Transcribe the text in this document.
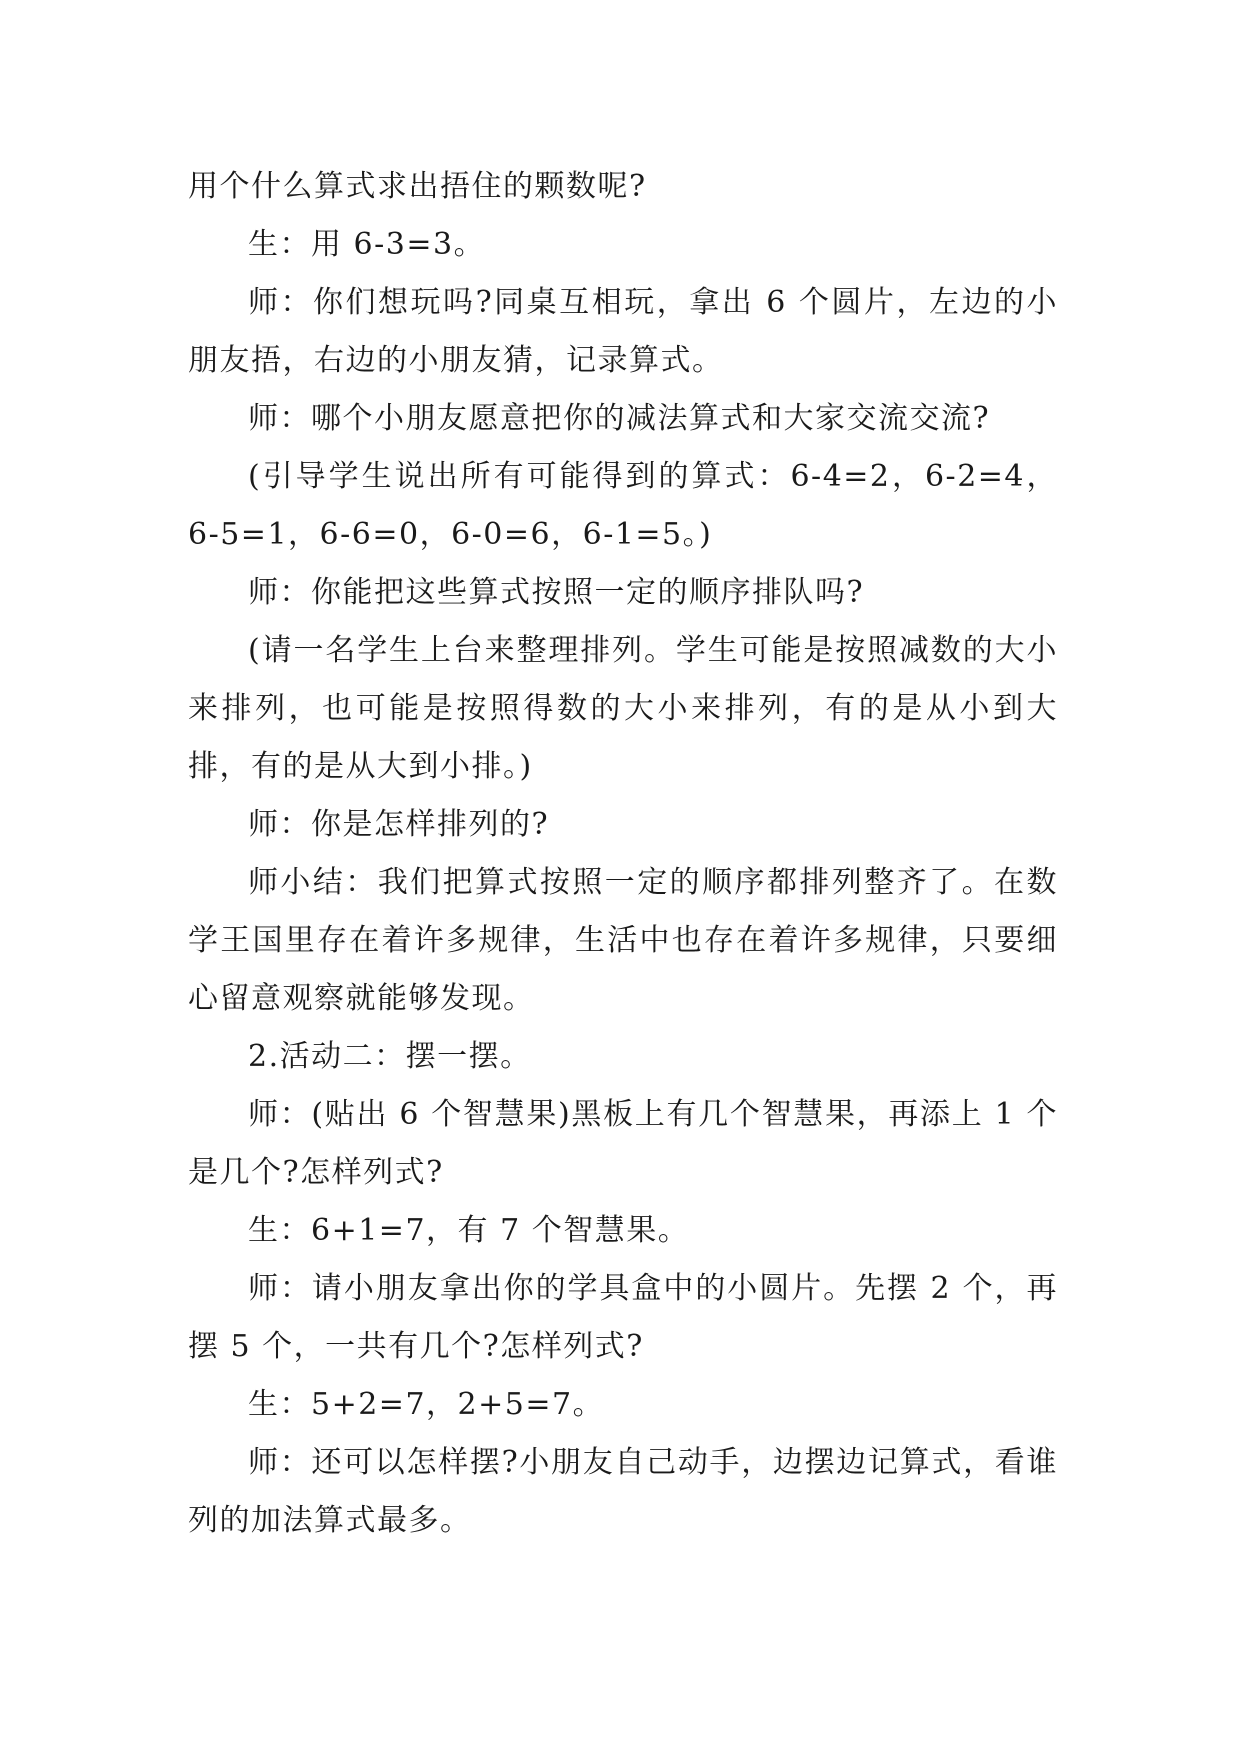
用个什么算式求出捂住的颗数呢?

生：用 6-3=3。

师：你们想玩吗?同桌互相玩，拿出 6 个圆片，左边的小朋友捂，右边的小朋友猜，记录算式。

师：哪个小朋友愿意把你的减法算式和大家交流交流?

(引导学生说出所有可能得到的算式：6-4=2，6-2=4，6-5=1，6-6=0，6-0=6，6-1=5。)

师：你能把这些算式按照一定的顺序排队吗?

(请一名学生上台来整理排列。学生可能是按照减数的大小来排列，也可能是按照得数的大小来排列，有的是从小到大排，有的是从大到小排。)

师：你是怎样排列的?

师小结：我们把算式按照一定的顺序都排列整齐了。在数学王国里存在着许多规律，生活中也存在着许多规律，只要细心留意观察就能够发现。

2.活动二：摆一摆。

师：(贴出 6 个智慧果)黑板上有几个智慧果，再添上 1 个是几个?怎样列式?

生：6+1=7，有 7 个智慧果。

师：请小朋友拿出你的学具盒中的小圆片。先摆 2 个，再摆 5 个，一共有几个?怎样列式?

生：5+2=7，2+5=7。

师：还可以怎样摆?小朋友自己动手，边摆边记算式，看谁列的加法算式最多。
